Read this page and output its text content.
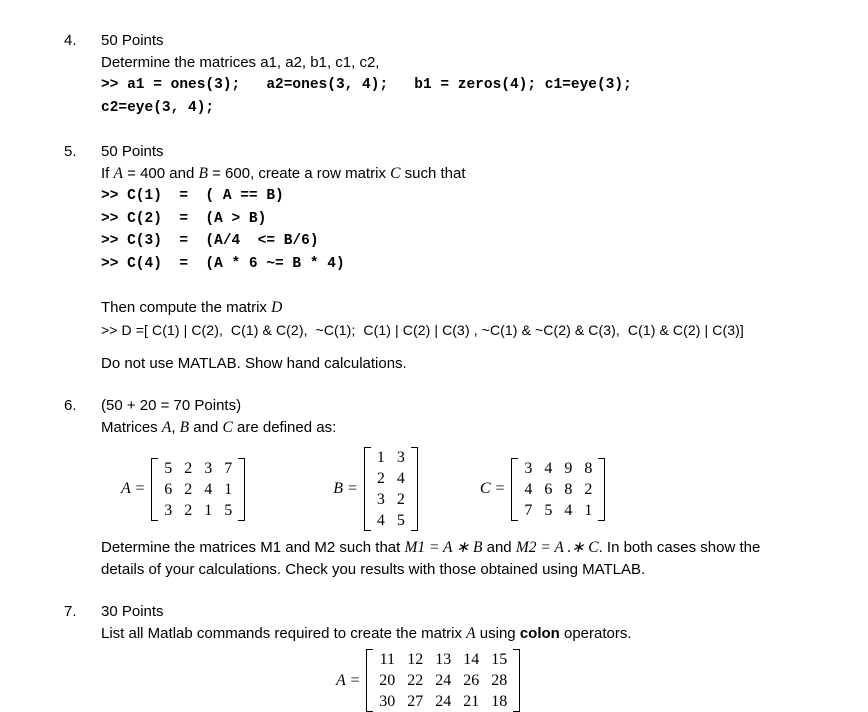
4.	50 Points
Determine the matrices a1, a2, b1, c1, c2,
>> a1 = ones(3);   a2=ones(3, 4);   b1 = zeros(4); c1=eye(3);
c2=eye(3, 4);
5.	50 Points
If A = 400 and B = 600, create a row matrix C such that
>> C(1)  =  ( A == B)
>> C(2)  =  (A > B)
>> C(3)  =  (A/4  <= B/6)
>> C(4)  =  (A * 6 ~= B * 4)
Then compute the matrix D
>> D =[ C(1) | C(2),  C(1) & C(2),  ~C(1);  C(1) | C(2) | C(3) , ~C(1) & ~C(2) & C(3),  C(1) & C(2) | C(3)]
Do not use MATLAB. Show hand calculations.
6.	(50 + 20 = 70 Points)
Matrices A, B and C are defined as:
A =
5	2	3	7
6	2	4	1
3	2	1	5
B =
1	3
2	4
3	2
4	5
C =
3	4	9	8
4	6	8	2
7	5	4	1
Determine the matrices M1 and M2 such that M1 = A ∗ B and M2 = A .∗ C. In both cases show the
details of your calculations. Check you results with those obtained using MATLAB.
7.	30 Points
List all Matlab commands required to create the matrix A using colon operators.
A =
11	12	13	14	15
20	22	24	26	28
30	27	24	21	18
